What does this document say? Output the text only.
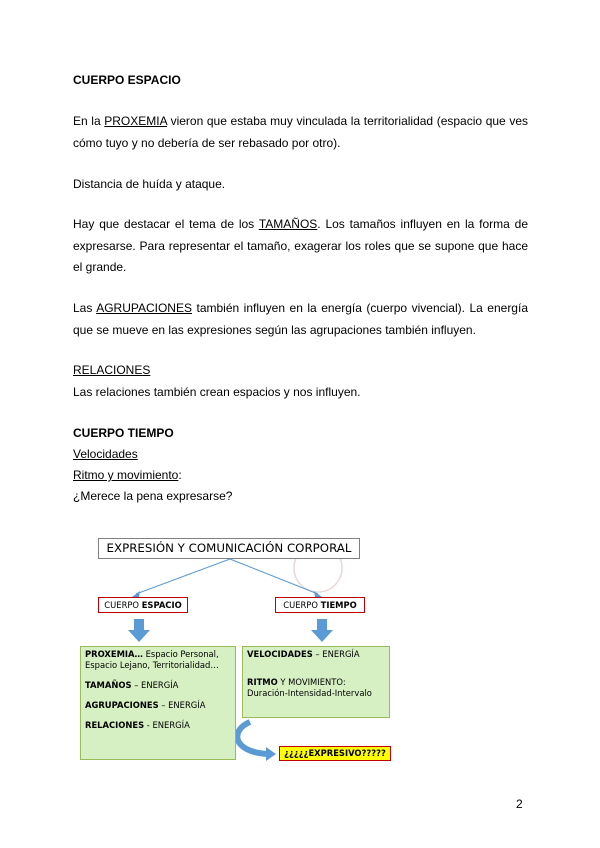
CUERPO ESPACIO

En la PROXEMIA vieron que estaba muy vinculada la territorialidad (espacio que ves cómo tuyo y no debería de ser rebasado por otro).

Distancia de huída y ataque.

Hay que destacar el tema de los TAMAÑOS. Los tamaños influyen en la forma de expresarse. Para representar el tamaño, exagerar los roles que se supone que hace el grande.

Las AGRUPACIONES también influyen en la energía (cuerpo vivencial). La energía que se mueve en las expresiones según las agrupaciones también influyen.

RELACIONES

Las relaciones también crean espacios y nos influyen.

CUERPO TIEMPO

Velocidades

Ritmo y movimiento:

¿Merece la pena expresarse?

EXPRESIÓN Y COMUNICACIÓN CORPORAL
CUERPO ESPACIO	CUERPO TIEMPO

PROXEMIA… Espacio Personal,

Espacio Lejano, Territorialidad…

TAMAÑOS – ENERGÍA

AGRUPACIONES – ENERGÍA

RELACIONES - ENERGÍA

VELOCIDADES – ENERGÍA

RITMO Y MOVIMIENTO:

Duración-Intensidad-Intervalo

¿¿¿¿¿EXPRESIVO?????
2
